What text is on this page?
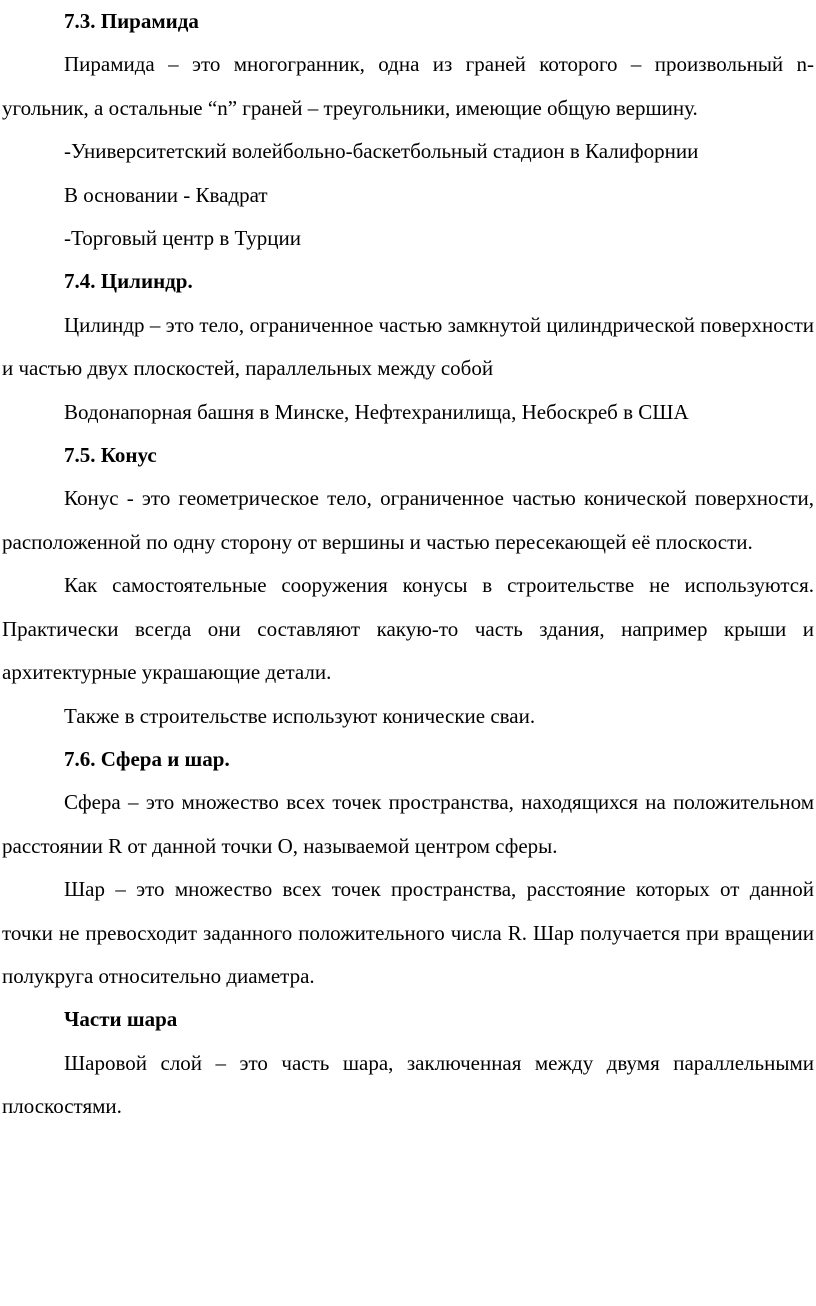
7.3. Пирамида

Пирамида – это многогранник, одна из граней которого – произвольный n-угольник, а остальные “n” граней – треугольники, имеющие общую вершину.

-Университетский волейбольно-баскетбольный стадион в Калифорнии

В основании - Квадрат

-Торговый центр в Турции

7.4. Цилиндр.

Цилиндр – это тело, ограниченное частью замкнутой цилиндрической поверхности и частью двух плоскостей, параллельных между собой

Водонапорная башня в Минске, Нефтехранилища, Небоскреб в США

7.5. Конус

Конус - это геометрическое тело, ограниченное частью конической поверхности, расположенной по одну сторону от вершины и частью пересекающей её плоскости.

Как самостоятельные сооружения конусы в строительстве не используются. Практически всегда они составляют какую-то часть здания, например крыши и архитектурные украшающие детали.

Также в строительстве используют конические сваи.

7.6. Сфера и шар.

Сфера – это множество всех точек пространства, находящихся на положительном расстоянии R от данной точки O, называемой центром сферы.

Шар – это множество всех точек пространства, расстояние которых от данной точки не превосходит заданного положительного числа R. Шар получается при вращении полукруга относительно диаметра.

Части шара

Шаровой слой – это часть шара, заключенная между двумя параллельными плоскостями.
